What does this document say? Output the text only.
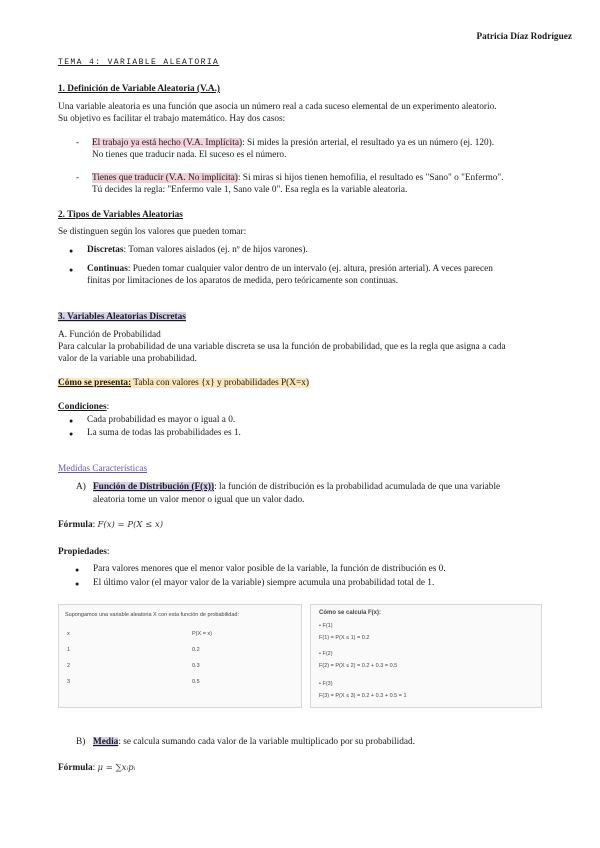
Patricia Díaz Rodríguez
TEMA 4: VARIABLE ALEATORIA
1. Definición de Variable Aleatoria (V.A.)
Una variable aleatoria es una función que asocia un número real a cada suceso elemental de un experimento aleatorio.
Su objetivo es facilitar el trabajo matemático. Hay dos casos:
- El trabajo ya está hecho (V.A. Implícita): Si mides la presión arterial, el resultado ya es un número (ej. 120).
No tienes que traducir nada. El suceso es el número.
- Tienes que traducir (V.A. No implícita): Si miras si hijos tienen hemofilia, el resultado es "Sano" o "Enfermo".
Tú decides la regla: "Enfermo vale 1, Sano vale 0". Esa regla es la variable aleatoria.
2. Tipos de Variables Aleatorias
Se distinguen según los valores que pueden tomar:
● Discretas: Toman valores aislados (ej. nº de hijos varones).
● Continuas: Pueden tomar cualquier valor dentro de un intervalo (ej. altura, presión arterial). A veces parecen
finitas por limitaciones de los aparatos de medida, pero teóricamente son continuas.
3. Variables Aleatorias Discretas
A. Función de Probabilidad
Para calcular la probabilidad de una variable discreta se usa la función de probabilidad, que es la regla que asigna a cada
valor de la variable una probabilidad.
Cómo se presenta: Tabla con valores {x} y probabilidades P(X=x)
Condiciones:
● Cada probabilidad es mayor o igual a 0.
● La suma de todas las probabilidades es 1.
Medidas Características
A) Función de Distribución (F(x)): la función de distribución es la probabilidad acumulada de que una variable
aleatoria tome un valor menor o igual que un valor dado.
Fórmula: F(x) = P(X ≤ x)
Propiedades:
● Para valores menores que el menor valor posible de la variable, la función de distribución es 0.
● El último valor (el mayor valor de la variable) siempre acumula una probabilidad total de 1.
Supongamos una variable aleatoria X con esta función de probabilidad:
x	P(X = x)
1	0.2
2	0.3
3	0.5
Cómo se calcula F(x):
• F(1)
F(1) = P(X ≤ 1) = 0.2
• F(2)
F(2) = P(X ≤ 2) = 0.2 + 0.3 = 0.5
• F(3)
F(3) = P(X ≤ 3) = 0.2 + 0.3 + 0.5 = 1
B) Media: se calcula sumando cada valor de la variable multiplicado por su probabilidad.
Fórmula: μ = ∑xᵢpᵢ
